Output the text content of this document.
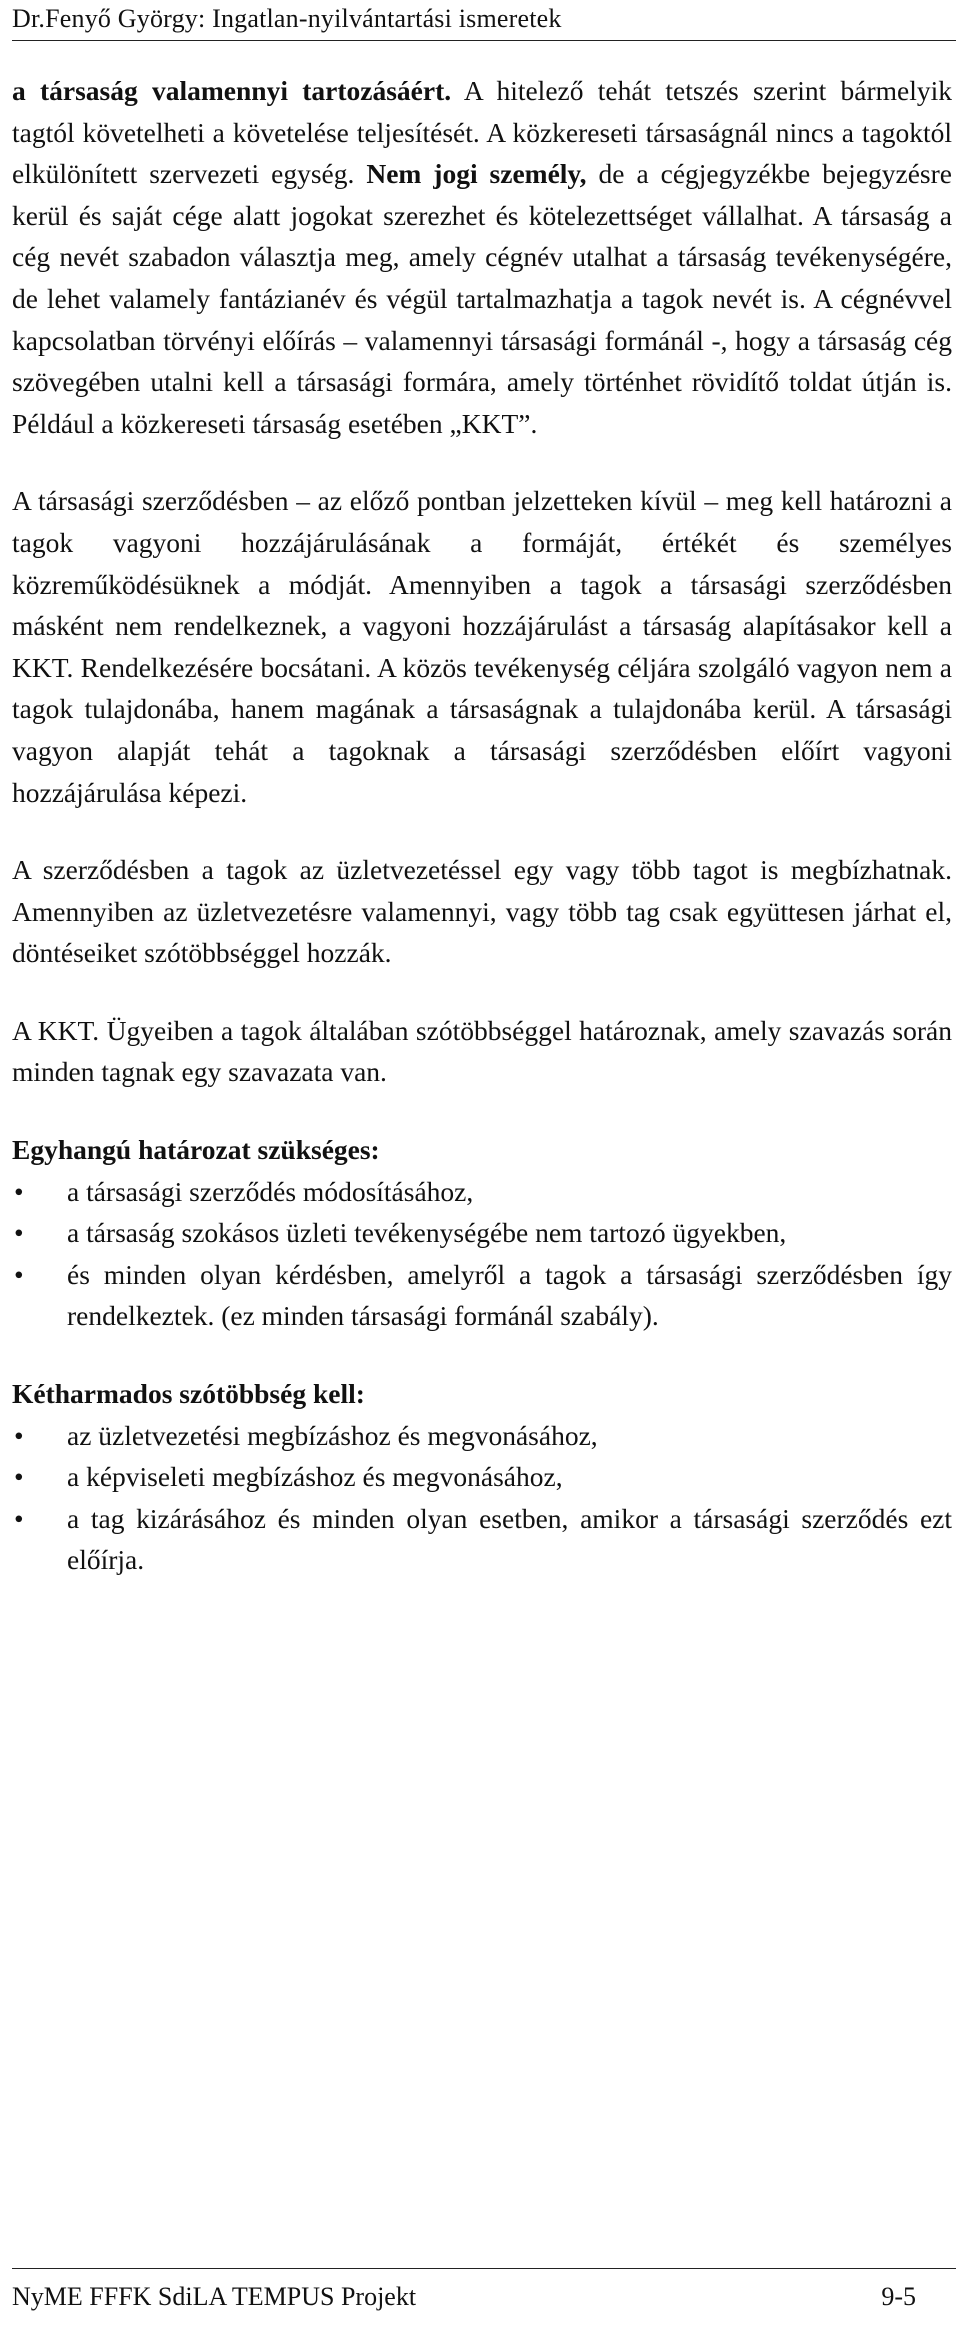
Dr.Fenyő György: Ingatlan-nyilvántartási ismeretek

a társaság valamennyi tartozásáért. A hitelező tehát tetszés szerint bármelyik tagtól követelheti a követelése teljesítését. A közkereseti társaságnál nincs a tagoktól elkülönített szervezeti egység. Nem jogi személy, de a cégjegyzékbe bejegyzésre kerül és saját cége alatt jogokat szerezhet és kötelezettséget vállalhat. A társaság a cég nevét szabadon választja meg, amely cégnév utalhat a társaság tevékenységére, de lehet valamely fantázianév és végül tartalmazhatja a tagok nevét is. A cégnévvel kapcsolatban törvényi előírás – valamennyi társasági formánál -, hogy a társaság cég szövegében utalni kell a társasági formára, amely történhet rövidítő toldat útján is. Például a közkereseti társaság esetében „KKT”.

A társasági szerződésben – az előző pontban jelzetteken kívül – meg kell határozni a tagok vagyoni hozzájárulásának a formáját, értékét és személyes közreműködésüknek a módját. Amennyiben a tagok a társasági szerződésben másként nem rendelkeznek, a vagyoni hozzájárulást a társaság alapításakor kell a KKT. Rendelkezésére bocsátani. A közös tevékenység céljára szolgáló vagyon nem a tagok tulajdonába, hanem magának a társaságnak a tulajdonába kerül. A társasági vagyon alapját tehát a tagoknak a társasági szerződésben előírt vagyoni hozzájárulása képezi.

A szerződésben a tagok az üzletvezetéssel egy vagy több tagot is megbízhatnak. Amennyiben az üzletvezetésre valamennyi, vagy több tag csak együttesen járhat el, döntéseiket szótöbbséggel hozzák.

A KKT. Ügyeiben a tagok általában szótöbbséggel határoznak, amely szavazás során minden tagnak egy szavazata van.

Egyhangú határozat szükséges:

• a társasági szerződés módosításához,
• a társaság szokásos üzleti tevékenységébe nem tartozó ügyekben,
• és minden olyan kérdésben, amelyről a tagok a társasági szerződésben így rendelkeztek. (ez minden társasági formánál szabály).

Kétharmados szótöbbség kell:

• az üzletvezetési megbízáshoz és megvonásához,
• a képviseleti megbízáshoz és megvonásához,
• a tag kizárásához és minden olyan esetben, amikor a társasági szerződés ezt előírja.
NyME FFFK SdiLA TEMPUS Projekt	9-5
